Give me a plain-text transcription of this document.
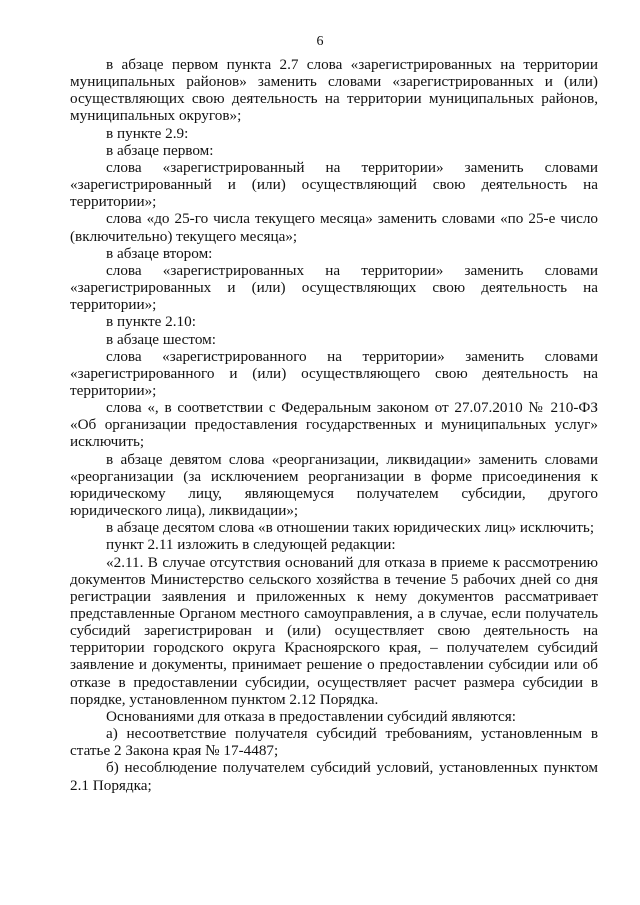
6

в абзаце первом пункта 2.7 слова «зарегистрированных на территории муниципальных районов» заменить словами «зарегистрированных и (или) осуществляющих свою деятельность на территории муниципальных районов, муниципальных округов»;

в пункте 2.9:

в абзаце первом:

слова «зарегистрированный на территории» заменить словами «зарегистрированный и (или) осуществляющий свою деятельность на территории»;

слова «до 25-го числа текущего месяца» заменить словами «по 25-е число (включительно) текущего месяца»;

в абзаце втором:

слова «зарегистрированных на территории» заменить словами «зарегистрированных и (или) осуществляющих свою деятельность на территории»;

в пункте 2.10:

в абзаце шестом:

слова «зарегистрированного на территории» заменить словами «зарегистрированного и (или) осуществляющего свою деятельность на территории»;

слова «, в соответствии с Федеральным законом от 27.07.2010 № 210-ФЗ «Об организации предоставления государственных и муниципальных услуг» исключить;

в абзаце девятом слова «реорганизации, ликвидации» заменить словами «реорганизации (за исключением реорганизации в форме присоединения к юридическому лицу, являющемуся получателем субсидии, другого юридического лица), ликвидации»;

в абзаце десятом слова «в отношении таких юридических лиц» исключить;

пункт 2.11 изложить в следующей редакции:

«2.11. В случае отсутствия оснований для отказа в приеме к рассмотрению документов Министерство сельского хозяйства в течение 5 рабочих дней со дня регистрации заявления и приложенных к нему документов рассматривает представленные Органом местного самоуправления, а в случае, если получатель субсидий зарегистрирован и (или) осуществляет свою деятельность на территории городского округа Красноярского края, – получателем субсидий заявление и документы, принимает решение о предоставлении субсидии или об отказе в предоставлении субсидии, осуществляет расчет размера субсидии в порядке, установленном пунктом 2.12 Порядка.

Основаниями для отказа в предоставлении субсидий являются:

а) несоответствие получателя субсидий требованиям, установленным в статье 2 Закона края № 17-4487;

б) несоблюдение получателем субсидий условий, установленных пунктом 2.1 Порядка;
